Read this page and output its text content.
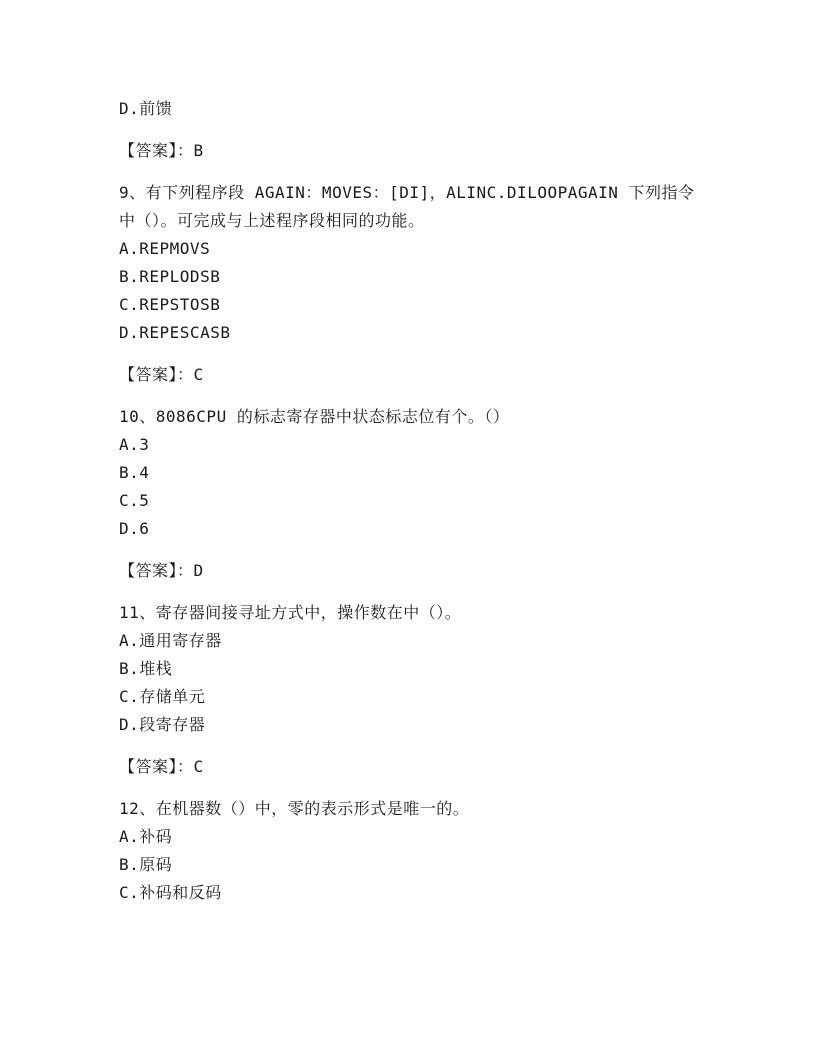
D.前馈
【答案】：B
9、有下列程序段 AGAIN：MOVES：[DI]，ALINC.DILOOPAGAIN 下列指令
中（）。可完成与上述程序段相同的功能。
A.REPMOVS
B.REPLODSB
C.REPSTOSB
D.REPESCASB
【答案】：C
10、8086CPU 的标志寄存器中状态标志位有个。（）
A.3
B.4
C.5
D.6
【答案】：D
11、寄存器间接寻址方式中，操作数在中（）。
A.通用寄存器
B.堆栈
C.存储单元
D.段寄存器
【答案】：C
12、在机器数（）中，零的表示形式是唯一的。
A.补码
B.原码
C.补码和反码
